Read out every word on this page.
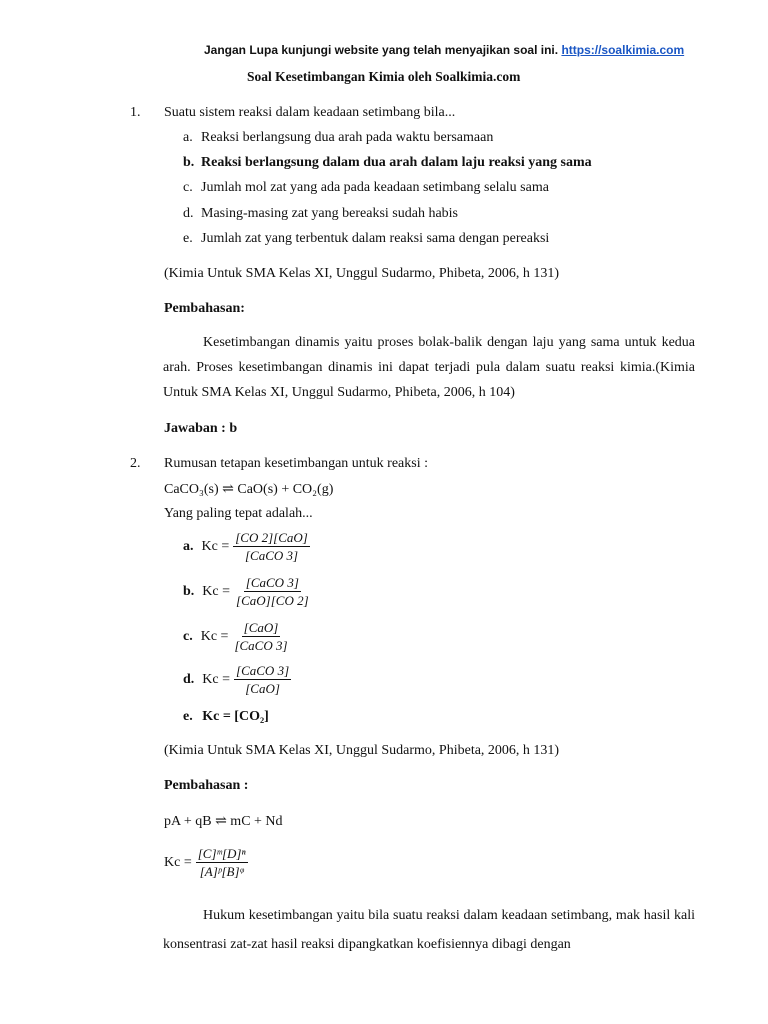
Jangan Lupa kunjungi website yang telah menyajikan soal ini. https://soalkimia.com
Soal Kesetimbangan Kimia oleh Soalkimia.com
1. Suatu sistem reaksi dalam keadaan setimbang bila...
a. Reaksi berlangsung dua arah pada waktu bersamaan
b. Reaksi berlangsung dalam dua arah dalam laju reaksi yang sama
c. Jumlah mol zat yang ada pada keadaan setimbang selalu sama
d. Masing-masing zat yang bereaksi sudah habis
e. Jumlah zat yang terbentuk dalam reaksi sama dengan pereaksi
(Kimia Untuk SMA Kelas XI, Unggul Sudarmo, Phibeta, 2006, h 131)
Pembahasan:
Kesetimbangan dinamis yaitu proses bolak-balik dengan laju yang sama untuk kedua arah. Proses kesetimbangan dinamis ini dapat terjadi pula dalam suatu reaksi kimia.(Kimia Untuk SMA Kelas XI, Unggul Sudarmo, Phibeta, 2006, h 104)
Jawaban : b
2. Rumusan tetapan kesetimbangan untuk reaksi :
CaCO₃(s) ⇌ CaO(s) + CO₂(g)
Yang paling tepat adalah...
a. $Kc = \frac{\text{[CO 2][CaO]}}{\text{[CaCO 3]}}$
b. $Kc = \frac{\text{[CaCO 3]}}{\text{[CaO][CO 2]}}$
c. $Kc = \frac{\text{[CaO]}}{\text{[CaCO 3]}}$
d. $Kc = \frac{\text{[CaCO 3]}}{\text{[CaO]}}$
e. Kc = [CO₂]
(Kimia Untuk SMA Kelas XI, Unggul Sudarmo, Phibeta, 2006, h 131)
Pembahasan :
pA + qB ⇌ mC + Nd
$Kc = \frac{\text{[C]ᵐ[D]ⁿ}}{\text{[A]ᵖ[B]ᵠ}}$
Hukum kesetimbangan yaitu bila suatu reaksi dalam keadaan setimbang, mak hasil kali konsentrasi zat-zat hasil reaksi dipangkatkan koefisiennya dibagi dengan
